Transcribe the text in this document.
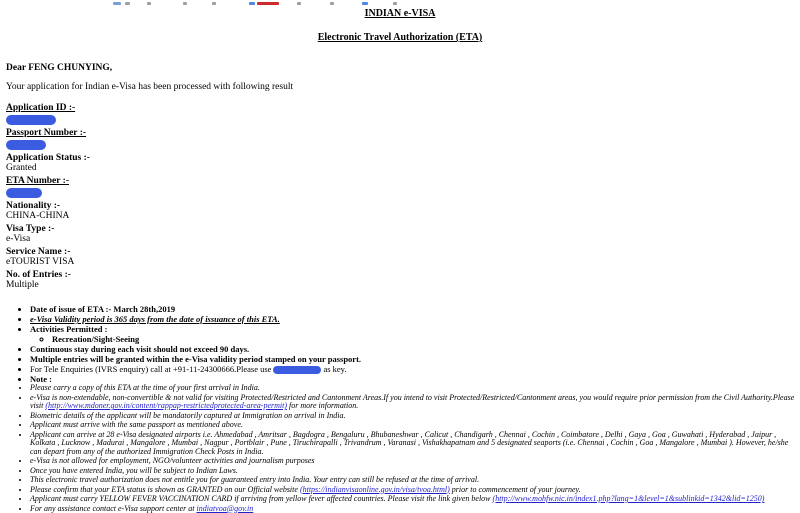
INDIAN e-VISA
Electronic Travel Authorization (ETA)
Dear FENG CHUNYING,
Your application for Indian e-Visa has been processed with following result
Application ID :-
Passport Number :-
Application Status :-
Granted
ETA Number :-
Nationality :-
CHINA-CHINA
Visa Type :-
e-Visa
Service Name :-
eTOURIST VISA
No. of Entries :-
Multiple
• Date of issue of ETA :- March 28th,2019
• e-Visa Validity period is 365 days from the date of issuance of this ETA.
• Activities Permitted :
◦ Recreation/Sight-Seeing
• Continuous stay during each visit should not exceed 90 days.
• Multiple entries will be granted within the e-Visa validity period stamped on your passport.
• For Tele Enquiries (IVRS enquiry) call at +91-11-24300666.Please use	as key.
• Note :
• Please carry a copy of this ETA at the time of your first arrival in India.
• e-Visa is non-extendable, non-convertible & not valid for visiting Protected/Restricted and Cantonment Areas.If you intend to visit Protected/Restricted/Cantonment areas, you would require prior permission from the Civil Authority.Please visit (http://www.mdoner.gov.in/content/rappap-restrictedprotected-area-permit) for more information.
• Biometric details of the applicant will be mandatorily captured at Immigration on arrival in India.
• Applicant must arrive with the same passport as mentioned above.
• Applicant can arrive at 28 e-Visa designated airports i.e. Ahmedabad , Amritsar , Bagdogra , Bengaluru , Bhubaneshwar , Calicut , Chandigarh , Chennai , Cochin , Coimbatore , Delhi , Gaya , Goa , Guwahati , Hyderabad , Jaipur , Kolkata , Lucknow , Madurai , Mangalore , Mumbai , Nagpur , Portblair , Pune , Tiruchirapalli , Trivandrum , Varanasi , Vishakhapatnam and 5 designated seaports (i.e. Chennai , Cochin , Goa , Mangalore , Mumbai ). However, he/she can depart from any of the authorized Immigration Check Posts in India.
• e-Visa is not allowed for employment, NGO/volunteer activities and journalism purposes
• Once you have entered India, you will be subject to Indian Laws.
• This electronic travel authorization does not entitle you for guaranteed entry into India. Your entry can still be refused at the time of arrival.
• Please confirm that your ETA status is shown as GRANTED on our Official website (https://indianvisaonline.gov.in/visa/tvoa.html) prior to commencement of your journey.
• Applicant must carry YELLOW FEVER VACCINATION CARD if arriving from yellow fever affected countries. Please visit the link given below (http://www.mohfw.nic.in/index1.php?lang=1&level=1&sublinkid=1342&lid=1250)
• For any assistance contact e-Visa support center at indiatvoa@gov.in
